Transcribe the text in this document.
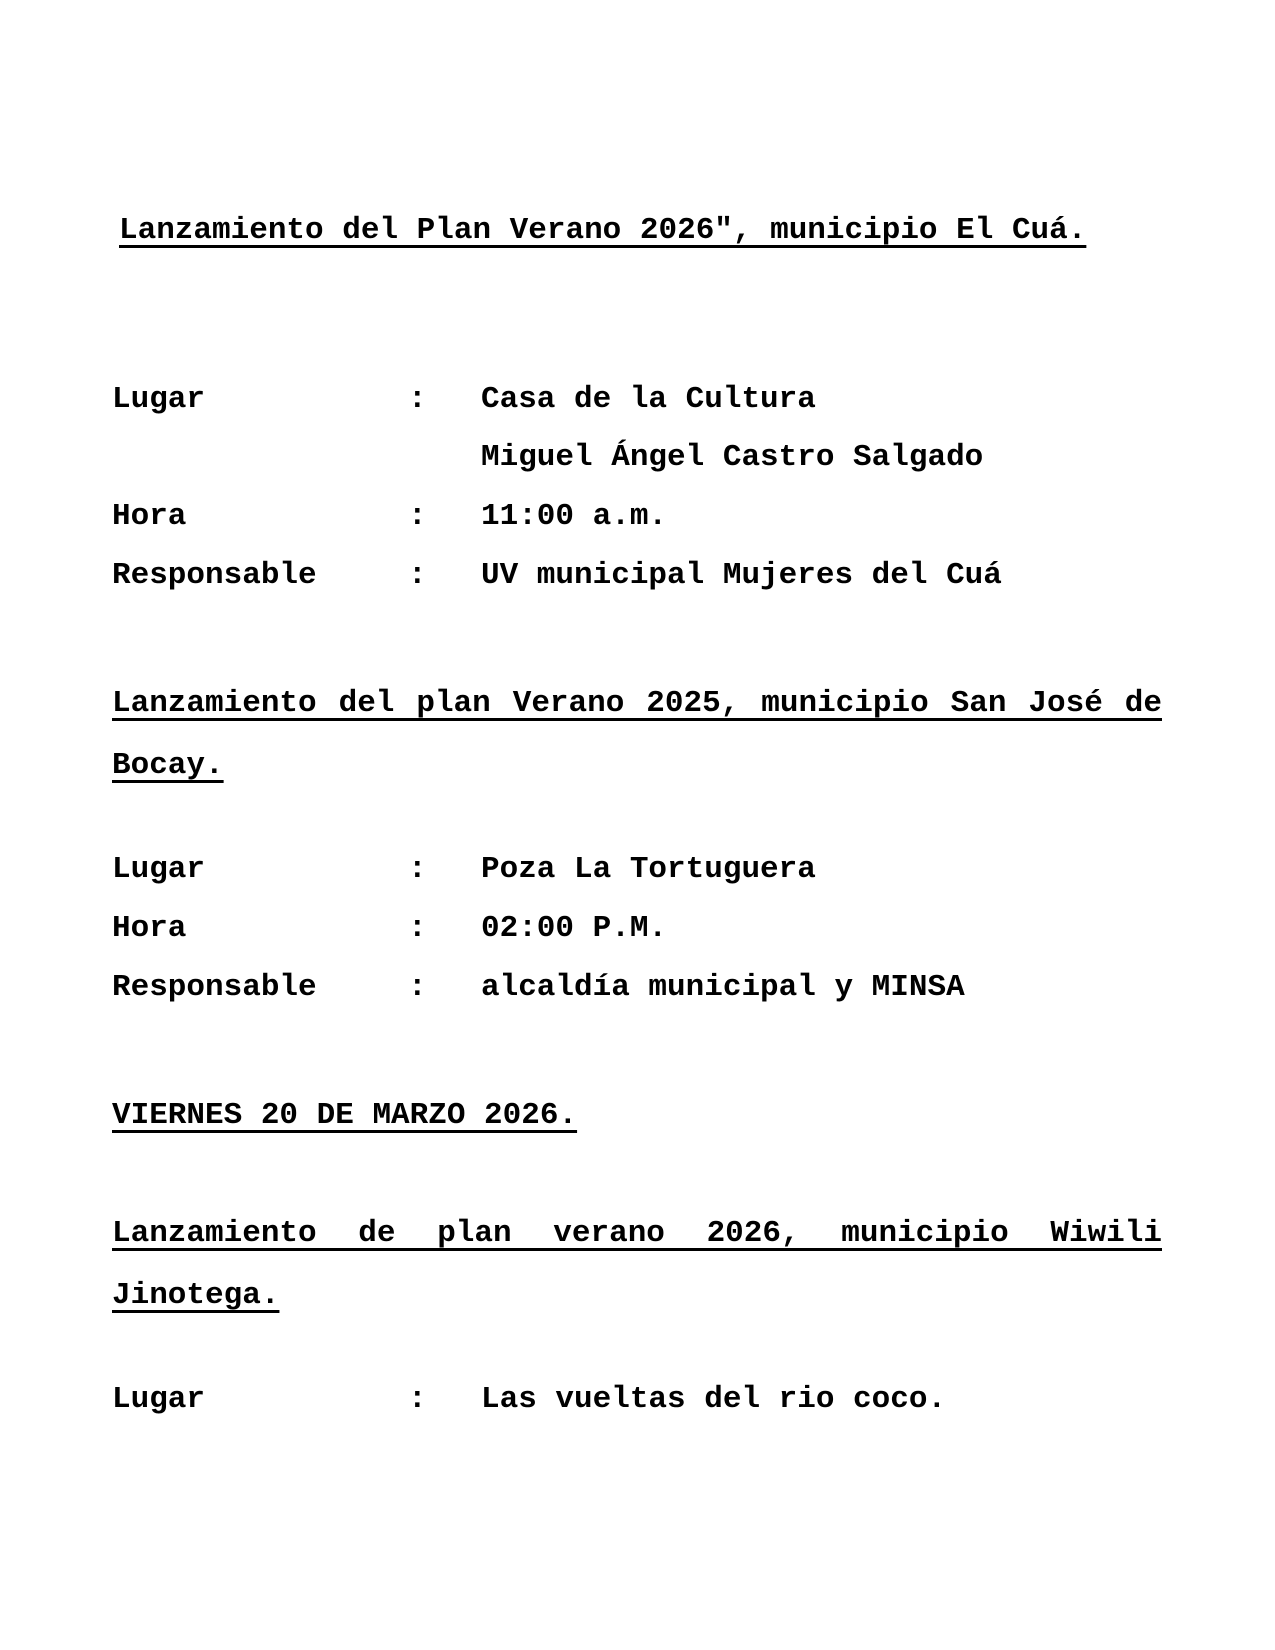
Lanzamiento del Plan Verano 2026", municipio El Cuá.

Lugar	: Casa de la Cultura
Miguel Ángel Castro Salgado
Hora	: 11:00 a.m.
Responsable	: UV municipal Mujeres del Cuá

Lanzamiento del plan Verano 2025, municipio San José de Bocay.

Lugar	: Poza La Tortuguera
Hora	: 02:00 P.M.
Responsable	: alcaldía municipal y MINSA

VIERNES 20 DE MARZO 2026.

Lanzamiento de plan verano 2026, municipio Wiwili Jinotega.

Lugar	: Las vueltas del rio coco.
